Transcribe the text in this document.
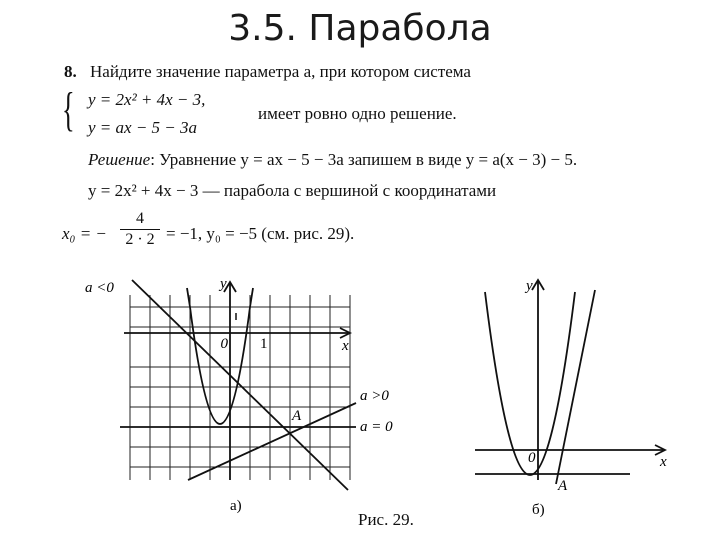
3.5. Парабола
8. Найдите значение параметра a, при котором система
{ y = 2x² + 4x − 3,
y = ax − 5 − 3a
имеет ровно одно решение.
Решение: Уравнение y = ax − 5 − 3a запишем в виде y = a(x − 3) − 5.
y = 2x² + 4x − 3 — парабола с вершиной с координатами
x₀ = −
4
2 · 2 = −1, y₀ = −5 (см. рис. 29).
a <0	y
x
0 1
A
a >0
a = 0
а)
Рис. 29.
0
y
x
A
б)
